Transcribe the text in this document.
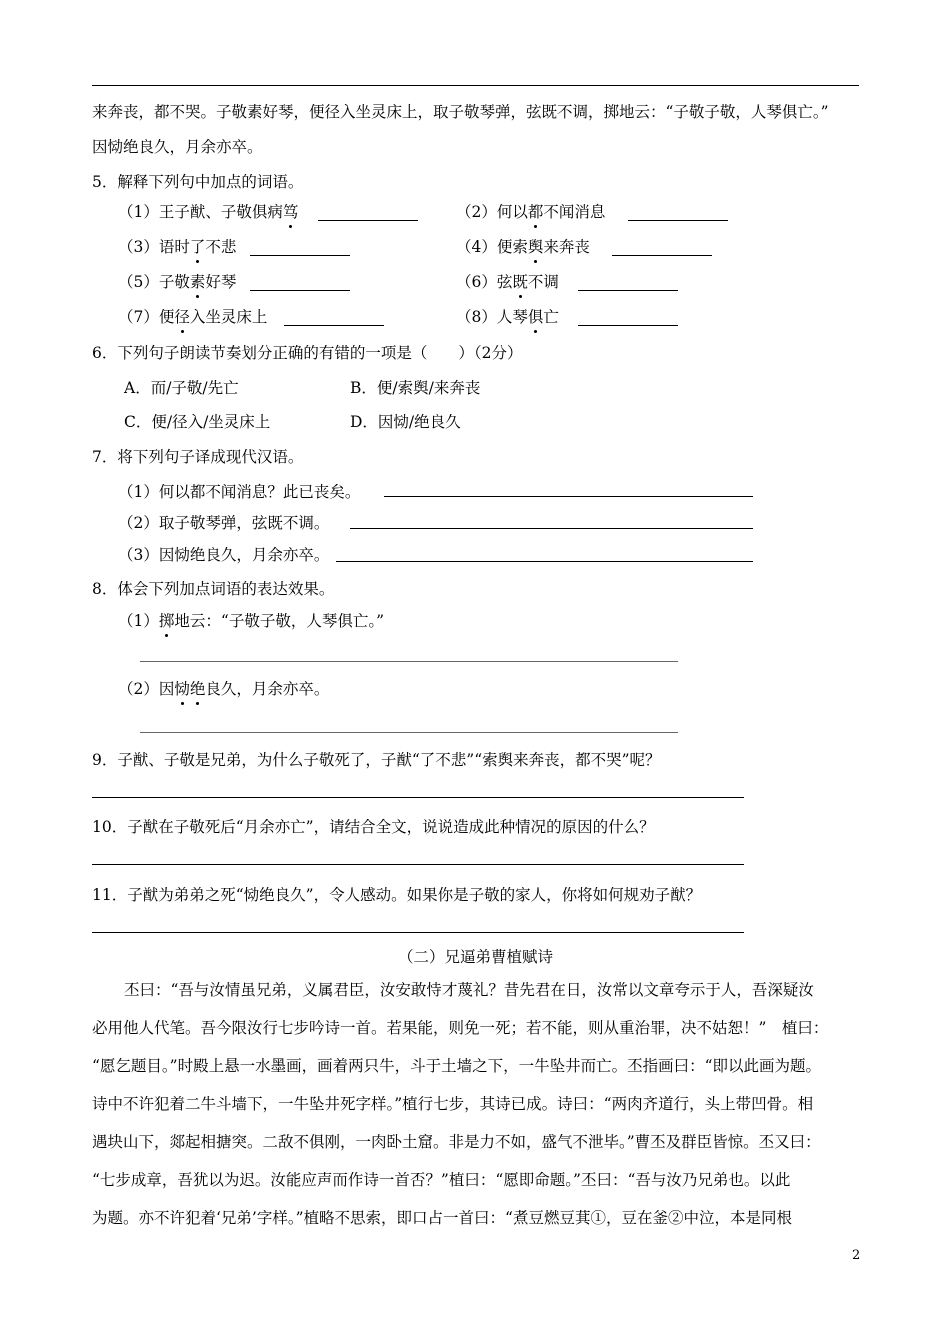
来奔丧，都不哭。子敬素好琴，便径入坐灵床上，取子敬琴弹，弦既不调，掷地云：“子敬子敬，人琴俱亡。”
因恸绝良久，月余亦卒。
5．解释下列句中加点的词语。
（1）王子猷、子敬俱病笃	（2）何以都不闻消息
（3）语时了不悲	（4）便索舆来奔丧
（5）子敬素好琴	（6）弦既不调
（7）便径入坐灵床上	（8）人琴俱亡
6．下列句子朗读节奏划分正确的有错的一项是（　　）（2分）
A．而/子敬/先亡	B．便/索舆/来奔丧
C．便/径入/坐灵床上	D．因恸/绝良久
7．将下列句子译成现代汉语。
（1）何以都不闻消息？此已丧矣。
（2）取子敬琴弹，弦既不调。
（3）因恸绝良久，月余亦卒。
8．体会下列加点词语的表达效果。
（1）掷地云：“子敬子敬，人琴俱亡。”
（2）因恸绝良久，月余亦卒。
9．子猷、子敬是兄弟，为什么子敬死了，子猷“了不悲”“索舆来奔丧，都不哭”呢？
10．子猷在子敬死后“月余亦亡”，请结合全文，说说造成此种情况的原因的什么？
11．子猷为弟弟之死“恸绝良久”，令人感动。如果你是子敬的家人，你将如何规劝子猷？
（二）兄逼弟曹植赋诗
丕曰：“吾与汝情虽兄弟，义属君臣，汝安敢恃才蔑礼？昔先君在日，汝常以文章夸示于人，吾深疑汝
必用他人代笔。吾今限汝行七步吟诗一首。若果能，则免一死；若不能，则从重治罪，决不姑恕！”　植曰：
“愿乞题目。”时殿上悬一水墨画，画着两只牛，斗于土墙之下，一牛坠井而亡。丕指画曰：“即以此画为题。
诗中不许犯着二牛斗墙下，一牛坠井死字样。”植行七步，其诗已成。诗曰：“两肉齐道行，头上带凹骨。相
遇块山下，郯起相搪突。二敌不俱刚，一肉卧土窟。非是力不如，盛气不泄毕。”曹丕及群臣皆惊。丕又曰：
“七步成章，吾犹以为迟。汝能应声而作诗一首否？”植曰：“愿即命题。”丕曰：“吾与汝乃兄弟也。以此
为题。亦不许犯着‘兄弟’字样。”植略不思索，即口占一首曰：“煮豆燃豆萁①，豆在釜②中泣，本是同根
2
